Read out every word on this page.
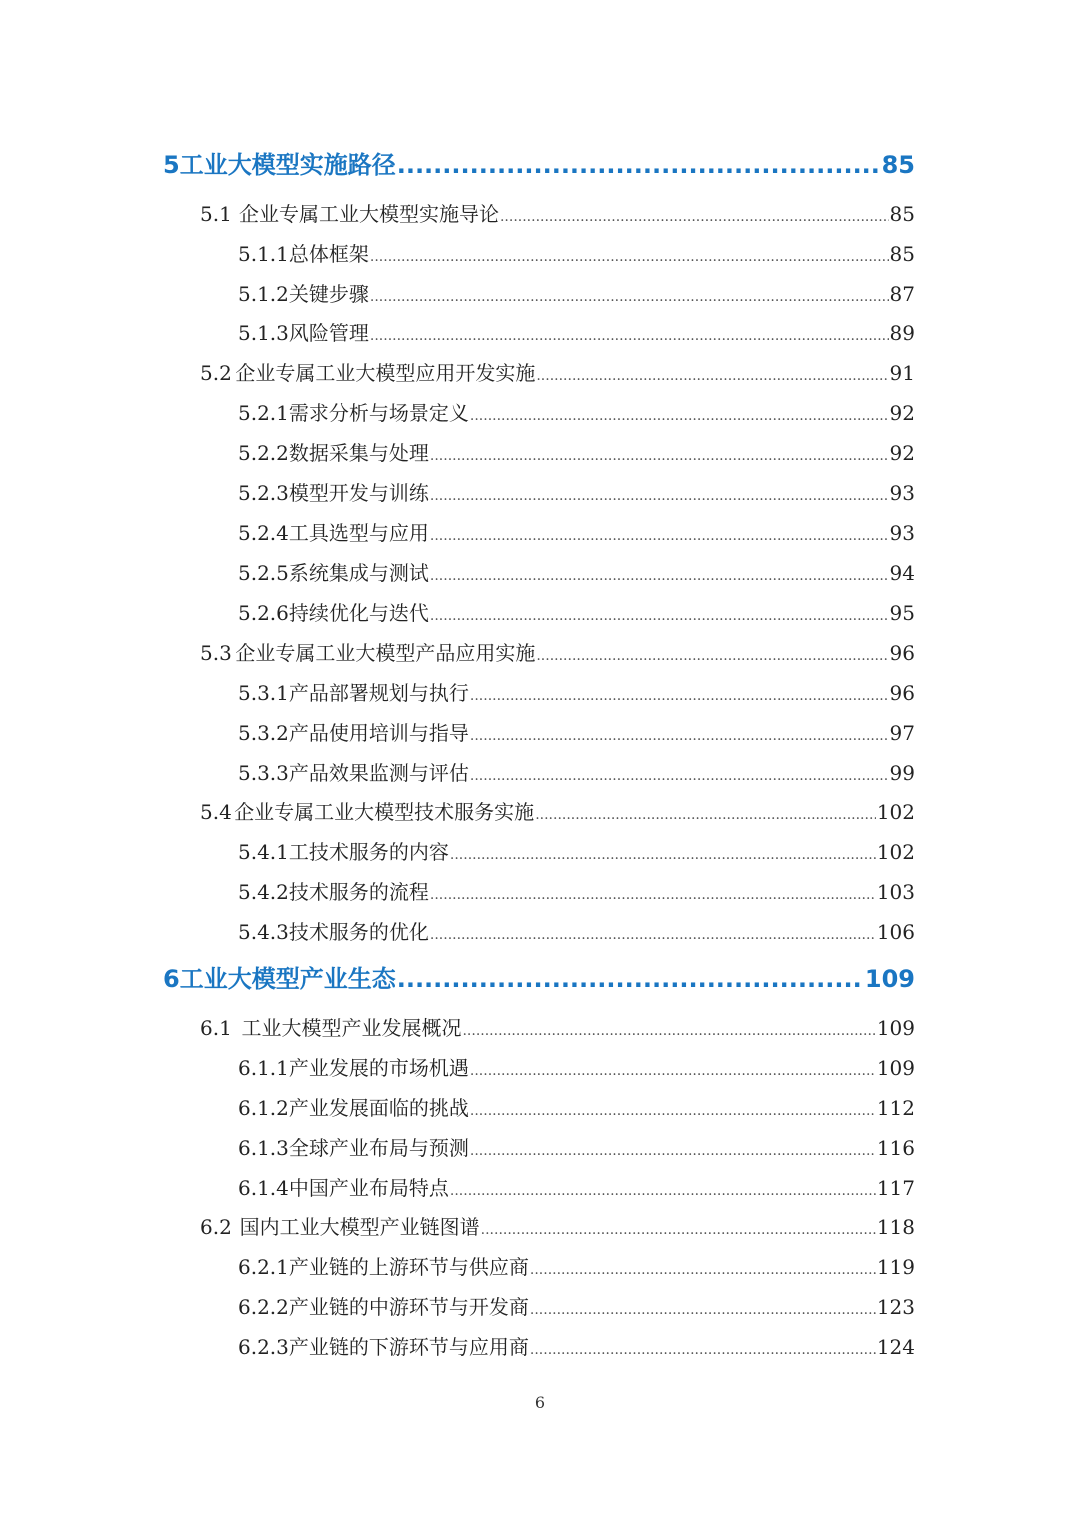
5 工业大模型实施路径 .....	85
5.1 企业专属工业大模型实施导论 .....	85
5.1.1 总体框架 .....	85
5.1.2 关键步骤 .....	87
5.1.3 风险管理 .....	89
5.2 企业专属工业大模型应用开发实施 .....	91
5.2.1 需求分析与场景定义 .....	92
5.2.2 数据采集与处理 .....	92
5.2.3 模型开发与训练 .....	93
5.2.4 工具选型与应用 .....	93
5.2.5 系统集成与测试 .....	94
5.2.6 持续优化与迭代 .....	95
5.3 企业专属工业大模型产品应用实施 .....	96
5.3.1 产品部署规划与执行 .....	96
5.3.2 产品使用培训与指导 .....	97
5.3.3 产品效果监测与评估 .....	99
5.4 企业专属工业大模型技术服务实施 .....	102
5.4.1 工技术服务的内容 .....	102
5.4.2 技术服务的流程 .....	103
5.4.3 技术服务的优化 .....	106
6 工业大模型产业生态 .....	109
6.1 工业大模型产业发展概况 .....	109
6.1.1 产业发展的市场机遇 .....	109
6.1.2 产业发展面临的挑战 .....	112
6.1.3 全球产业布局与预测 .....	116
6.1.4 中国产业布局特点 .....	117
6.2 国内工业大模型产业链图谱 .....	118
6.2.1 产业链的上游环节与供应商 .....	119
6.2.2 产业链的中游环节与开发商 .....	123
6.2.3 产业链的下游环节与应用商 .....	124
6
